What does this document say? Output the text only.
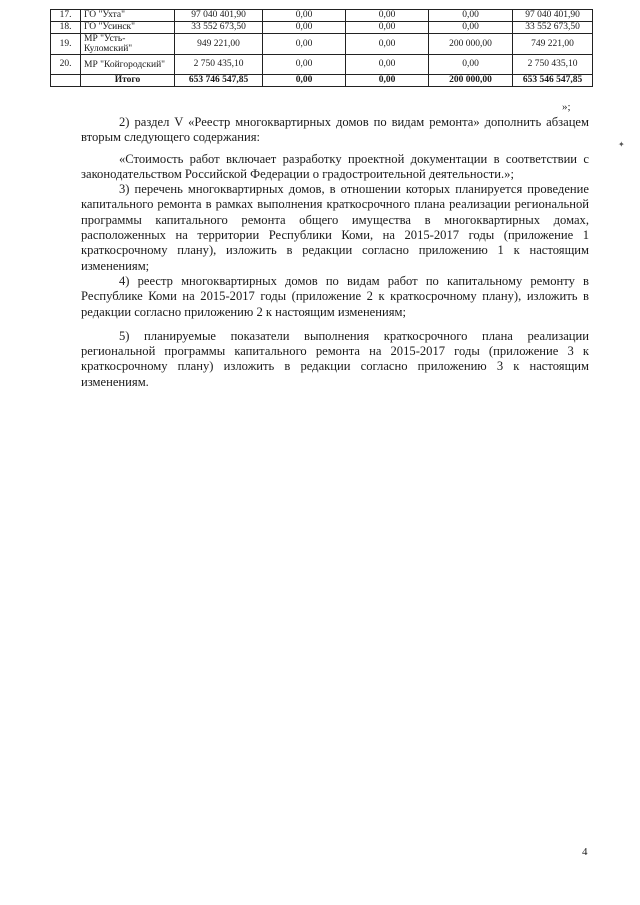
17.	ГО "Ухта"	97 040 401,90	0,00	0,00	0,00	97 040 401,90
18.	ГО "Усинск"	33 552 673,50	0,00	0,00	0,00	33 552 673,50
19.	МР "Усть-Куломский"	949 221,00	0,00	0,00	200 000,00	749 221,00
20.	МР "Койгородский"	2 750 435,10	0,00	0,00	0,00	2 750 435,10
	Итого	653 746 547,85	0,00	0,00	200 000,00	653 546 547,85
»;

2) раздел V «Реестр многоквартирных домов по видам ремонта» дополнить абзацем вторым следующего содержания:

«Стоимость работ включает разработку проектной документации в соответствии с законодательством Российской Федерации о градостроительной деятельности.»;

3) перечень многоквартирных домов, в отношении которых планируется проведение капитального ремонта в рамках выполнения краткосрочного плана реализации региональной программы капитального ремонта общего имущества в многоквартирных домах, расположенных на территории Республики Коми, на 2015-2017 годы (приложение 1 краткосрочному плану), изложить в редакции согласно приложению 1 к настоящим изменениям;

4) реестр многоквартирных домов по видам работ по капитальному ремонту в Республике Коми на 2015-2017 годы (приложение 2 к краткосрочному плану), изложить в редакции согласно приложению 2 к настоящим изменениям;

5) планируемые показатели выполнения краткосрочного плана реализации региональной программы капитального ремонта на 2015-2017 годы (приложение 3 к краткосрочному плану) изложить в редакции согласно приложению 3 к настоящим изменениям.

✦
4
